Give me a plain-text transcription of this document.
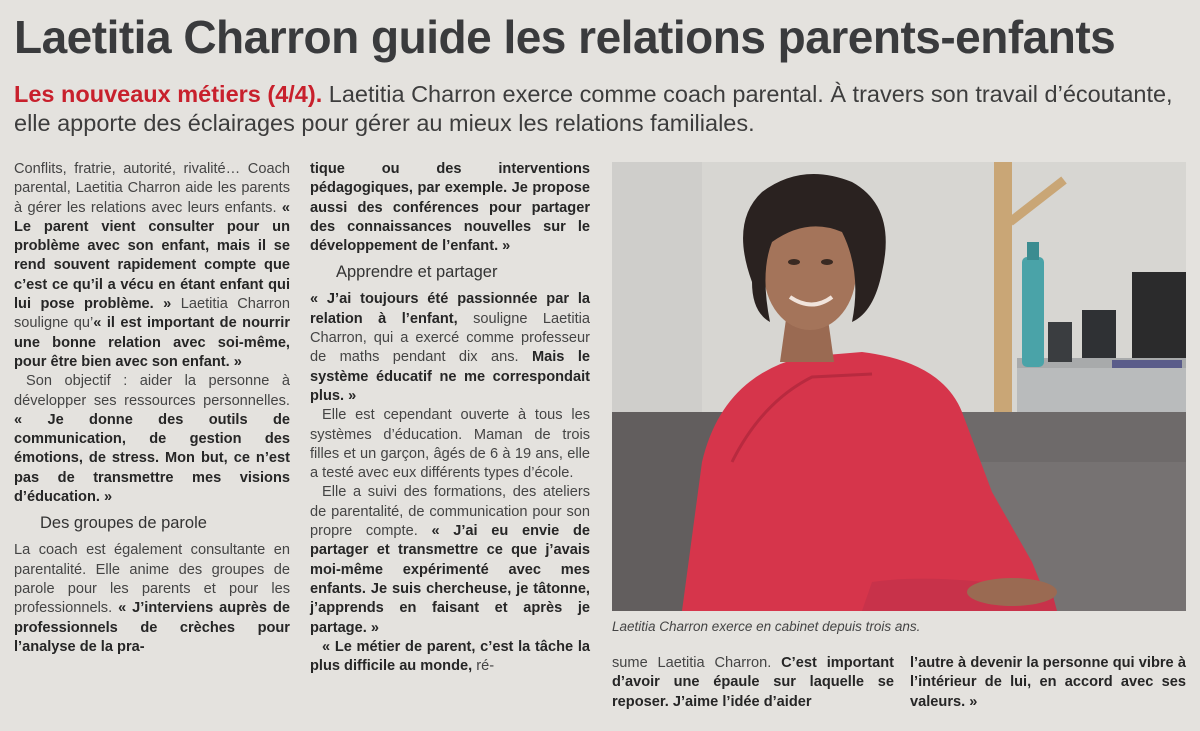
Laetitia Charron guide les relations parents-enfants

Les nouveaux métiers (4/4). Laetitia Charron exerce comme coach parental. À travers son travail d’écoutante, elle apporte des éclairages pour gérer au mieux les relations familiales.

Conflits, fratrie, autorité, rivalité… Coach parental, Laetitia Charron aide les parents à gérer les relations avec leurs enfants. « Le parent vient consulter pour un problème avec son enfant, mais il se rend souvent rapidement compte que c’est ce qu’il a vécu en étant enfant qui lui pose problème. » Laetitia Charron souligne qu’« il est important de nourrir une bonne relation avec soi-même, pour être bien avec son enfant. »

Son objectif : aider la personne à développer ses ressources personnelles. « Je donne des outils de communication, de gestion des émotions, de stress. Mon but, ce n’est pas de transmettre mes visions d’éducation. »

Des groupes de parole

La coach est également consultante en parentalité. Elle anime des groupes de parole pour les parents et pour les professionnels. « J’interviens auprès de professionnels de crèches pour l’analyse de la pra-

tique ou des interventions pédagogiques, par exemple. Je propose aussi des conférences pour partager des connaissances nouvelles sur le développement de l’enfant. »

Apprendre et partager

« J’ai toujours été passionnée par la relation à l’enfant, souligne Laetitia Charron, qui a exercé comme professeur de maths pendant dix ans. Mais le système éducatif ne me correspondait plus. »

Elle est cependant ouverte à tous les systèmes d’éducation. Maman de trois filles et un garçon, âgés de 6 à 19 ans, elle a testé avec eux différents types d’école.

Elle a suivi des formations, des ateliers de parentalité, de communication pour son propre compte. « J’ai eu envie de partager et transmettre ce que j’avais moi-même expérimenté avec mes enfants. Je suis chercheuse, je tâtonne, j’apprends en faisant et après je partage. »

« Le métier de parent, c’est la tâche la plus difficile au monde, ré-

Laetitia Charron exerce en cabinet depuis trois ans.

sume Laetitia Charron. C’est important d’avoir une épaule sur laquelle se reposer. J’aime l’idée d’aider

l’autre à devenir la personne qui vibre à l’intérieur de lui, en accord avec ses valeurs. »
